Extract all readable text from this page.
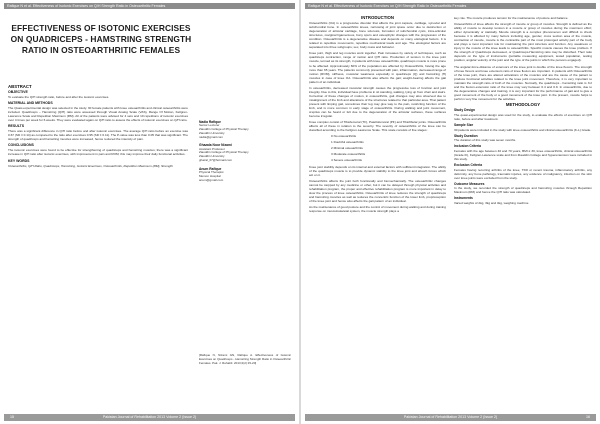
Rafique N et al. Effectiveness of Isotonic Exercises on Q/H Strength Ratio in Osteoarthritic Females
EFFECTIVENESS OF ISOTONIC EXERCISES ON QUADRICEPS - HAMSTRING STRENGTH RATIO IN OSTEOARTHRITIC FEMALES
ABSTRACT
OBJECTIVE

To evaluate the Q/H strength ratio, before and after the isotonic exercises.

MATERIAL AND METHODS

The Quasi-experimental design was selected in the study. 30 female patients with knee osteoarthritis and clinical osteoarthritis were included. Quadriceps – Hamstring (Q/H) ratio were assessed through Visual Analog Scale (VAS), Range Of Motion, Kellgren-Lawrence Scale and Repetition Maximum (RM). All of the patients were advised for 4 sets and 10 repetitions of isotonic exercises over 4 times per week for 6 weeks. They were evaluated again on Q/H ratio to assess the effects of isotonic exercises on Q/H ratio.

RESULTS

There was a significant difference in Q/H ratio before and after isotonic exercises. The average Q/H ratio before an exercise was 0.67 (SD ± 0.14) as compared to the ratio after exercises 0.95 (SD ± 0.11). The P-value was less than 0.05 that was significant. The strength of quadriceps and hamstring muscles were increased, hence reduced the intensity of pain.

CONCLUSIONS

The isotonic exercises were found to be effective for strengthening of quadriceps and hamstring muscles; there was a significant increase in Q/H ratio after isotonic exercises, with improvement in pain and ROM; this may improve their daily functional activities.

KEY WORDS

Osteoarthritis, Q/H Ratio, Quadriceps, Hamstring, Isotonic Exercises, Osteoarthritis, Repetition Maximum (RM), Strength

Nadia Rafique

Senior Lecturer
Ziauddin College of Physical Therapy
Ziauddin University
nadia@gmail.com

Ghazala Noor Nizami

Assistant Professor
Ziauddin College of Physical Therapy
Ziauddin University
ghazal_07@hotmail.com

Anum Rafique

Physical Therapist
Memon Hospital
anum@gmail.com

[Rafique N, Nizami GN, Rafique A. Effectiveness of Isotonic Exercises on Quadriceps - Hamstring Strength Ratio in Osteoarthritic Females. Pak. J. Rehabil. 2013;2(2):15-20]
15	Pakistan Journal of Rehabilitation 2013 Volume 2 (Issue 2)
Rafique N et al. Effectiveness of Isotonic Exercises on Q/H Strength Ratio in Osteoarthritic Females
INTRODUCTION

Osteoarthritis (OA) is a progressive disorder that affects the joint capsule, cartilage, synovial and subchondral bone. In osteoarthritic knees, narrowing of joint space occur due to destruction or degeneration of articular cartilage, bone sclerosis, formation of subchondral cysts, intra-articular structures, marginal ligamentous, bony spurs and osteophytic changes with the progression of the condition. Osteoarthritis is a degenerative disease and depends on many etiological factors. It is related to repetitive movements, repetitive mechanical loads and age. The etiological factors are separated into three subgroups; sex, body mass and behavior.

Knee joint, thigh and leg muscles work together. Pain increases by variety of techniques, such as quadriceps contraction, range of motion and Q/H ratio. Production of tension in the knee joint muscle, termed as its strength, in patients with knee osteoarthritis, quadriceps muscle is more prone to be affected. Approximately 60% of the population are affected by Osteoarthritis, having the age more than 65 years. The patients commonly presented with pain, inflammation, decreased range of motion (ROM), stiffness, muscular weakness especially in quadriceps (Q) and hamstring (H) muscles in case of knee OA. Osteoarthritis also affects the gait; weight-bearing affects the gait pattern of an individual.

In osteoarthritis, decreased muscular strength causes the progressive loss of function and joint integrity. Due to this, individual have problems in sit standing, walking, lying up from chair and stairs. Correction of these changes of motion, in osteoarthritis, gait changes may also observed due to misalignment of the limb and alterations of the structures related to that particular area. That patient present with limping gait, sometimes their leg may give way to the pain, restricting function of the limb, and is more common in early stage of osteoarthritis. During walking and joint movement, crepitus can be heard or felt due to the degeneration of the articular surfaces, these surfaces become irregular.

Knee complex consist of Tibiofemoral (TF), Patellofemoral (PF) and Tibiofibular joints. Osteoarthritis affects all of these in relation to the severity. The severity of osteoarthritis of the knee can be classified according to the Kellgren-Lawrence Scale. This scale consists of five stages:

0 No osteoarthritis

1 Doubtful osteoarthritis

2 Minimal osteoarthritis

3 Moderate osteoarthritis

4 Severe osteoarthritis

Knee joint stability depends on its internal and external factors with sufficient integration. The ability of the quadriceps muscle is to provide dynamic stability to the knee joint and absorb forces which act on it.

Osteoarthritis affects the joint both functionally and biomechanically. The osteoarthritic changes cannot be stopped by any medicine or other, but it can be delayed through physical activities and rehabilitation program, the proper and effective rehabilitation program is more important in delay to slow the process of knee osteoarthritis. Osteoarthritis of knee reduces the strength of quadriceps and hamstring muscles as well as reduces the concentric function of the lower limb, proprioception of the knee joint and hence also affects the gait pattern of an individual.

As the maintenance of good posture and the control of movement during walking and during training response on musculoskeletal system, the muscle strength plays a

key role. The muscle produces tension for the maintenance of posture and balance.

Osteoarthritis of knee affects the strength of muscle or group of muscles. Strength is defined as the ability of muscle to develop tension in a muscle or group of muscles during the maximum effort; either dynamically or statically. Muscle strength is a complex phenomenon and difficult to check because it is affected by many factors including age, gender, cross section area of the muscle, contraction of muscle, muscle is the contractile part of the most prolonged activity part of the body and plays a most important role for maintaining the joint structure and function. Any weakness or injury in the muscle of the knee leads to osteoarthritis. Specific muscle causes the knee problem. If the strength of Quadriceps decreased, or Quadriceps-Hamstring ratio may be disturbed. Their ratio depends on the type of instruments (portable measuring equipment, tested population, testing position, angular velocity of the joint and the type of the joints in which the persons engaged).

The angular-force-distance of extensors of the knee joint is double of the knee flexors. The strength of knee flexors and knee extensors ratio of knee flexion are important. In patients with Osteoarthritis of the knee joint, there are altered activations of the muscles and are the cause of the patient to produce functional activities related to the knee joint movement. Therefore, it is very important to maintain the strength ratio of both of the muscles. Normally, the quadriceps - hamstring ratio is 3:2 and the flexion-extension ratio of the knee may vary between 0.4 and 0.9. In osteoarthritis, due to the degenerative changes and training, it is very important for the performance of gait and to give a good movement of the body or a good movement of the knee joint. In the present, muscle helps to perform very fine movement for the activities.

METHODOLOGY
Study Design

The quasi-experimental design was used for the study, to evaluate the effects of exercises on Q/H ratio, before and after treatment.

Sample Size

30 patients were included in the study with knee osteoarthritis and clinical osteoarthritis (K-L) Grade.

Study Duration

The duration of this study was seven months.

Inclusion Criteria

Females with the age between 40 and 70 years, BMI ≥ 30, knee osteoarthritis, clinical osteoarthritis (Grade III), Kellgren-Lawrence scale and from Ziauddin College and hyperextension were included in this study.

Exclusion Criteria

Females having recurring arthritis of the knee, TKR or recent trauma, inflammatory arthritis, any deformity, any bone pathology, traumatic injuries, any evidence of malignancy, infection on the skin over knee joints were excluded from the study.

Outcome Measures

In the study, we recorded the strength of quadriceps and hamstring muscles through Repetition Maximum (RM) and hence the Q/H ratio was calculated.

Instruments

Varied weights of 2kg, 3kg and 4kg, weighing machine

Pakistan Journal of Rehabilitation 2013 Volume 2 (Issue 2)	16
